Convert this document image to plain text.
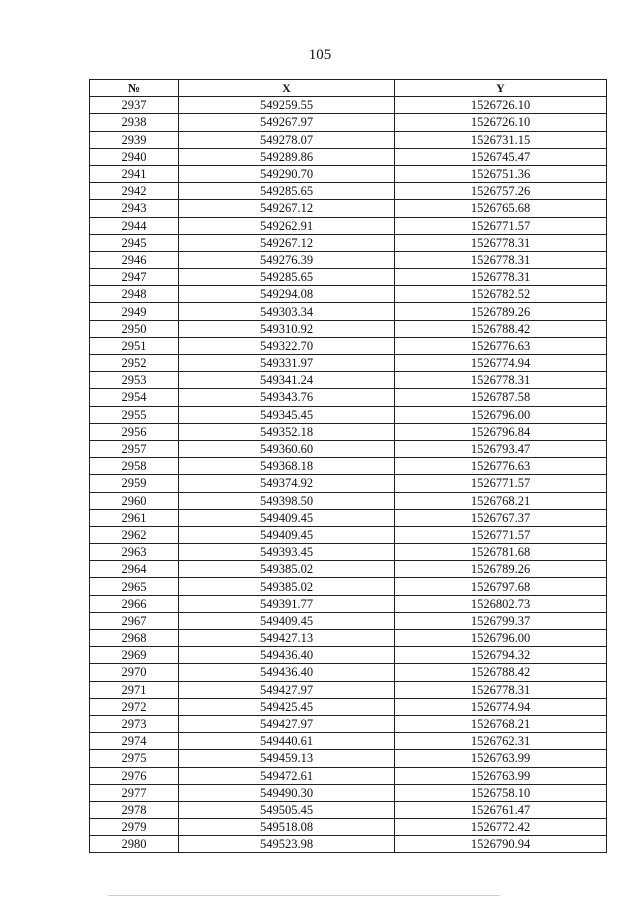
105
№	X	Y
2937	549259.55	1526726.10
2938	549267.97	1526726.10
2939	549278.07	1526731.15
2940	549289.86	1526745.47
2941	549290.70	1526751.36
2942	549285.65	1526757.26
2943	549267.12	1526765.68
2944	549262.91	1526771.57
2945	549267.12	1526778.31
2946	549276.39	1526778.31
2947	549285.65	1526778.31
2948	549294.08	1526782.52
2949	549303.34	1526789.26
2950	549310.92	1526788.42
2951	549322.70	1526776.63
2952	549331.97	1526774.94
2953	549341.24	1526778.31
2954	549343.76	1526787.58
2955	549345.45	1526796.00
2956	549352.18	1526796.84
2957	549360.60	1526793.47
2958	549368.18	1526776.63
2959	549374.92	1526771.57
2960	549398.50	1526768.21
2961	549409.45	1526767.37
2962	549409.45	1526771.57
2963	549393.45	1526781.68
2964	549385.02	1526789.26
2965	549385.02	1526797.68
2966	549391.77	1526802.73
2967	549409.45	1526799.37
2968	549427.13	1526796.00
2969	549436.40	1526794.32
2970	549436.40	1526788.42
2971	549427.97	1526778.31
2972	549425.45	1526774.94
2973	549427.97	1526768.21
2974	549440.61	1526762.31
2975	549459.13	1526763.99
2976	549472.61	1526763.99
2977	549490.30	1526758.10
2978	549505.45	1526761.47
2979	549518.08	1526772.42
2980	549523.98	1526790.94
